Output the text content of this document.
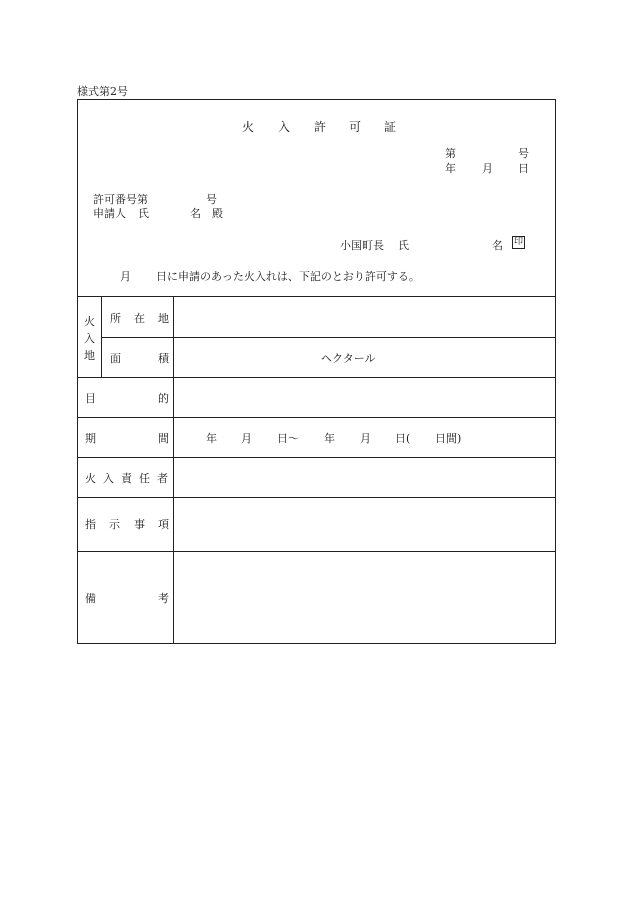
様式第2号
火 入 許 可 証
第	号
年 月 日
許可番号第	号
申請人 氏	名 殿
小国町長 氏	名 印
月 日に申請のあった火入れは、下記のとおり許可する。
火
入
地
所 在 地
面	積	ヘクタール
目	的
期	間	年 月 日〜 年 月 日( 日間)
火 入 責 任 者
指 示 事 項
備	考
